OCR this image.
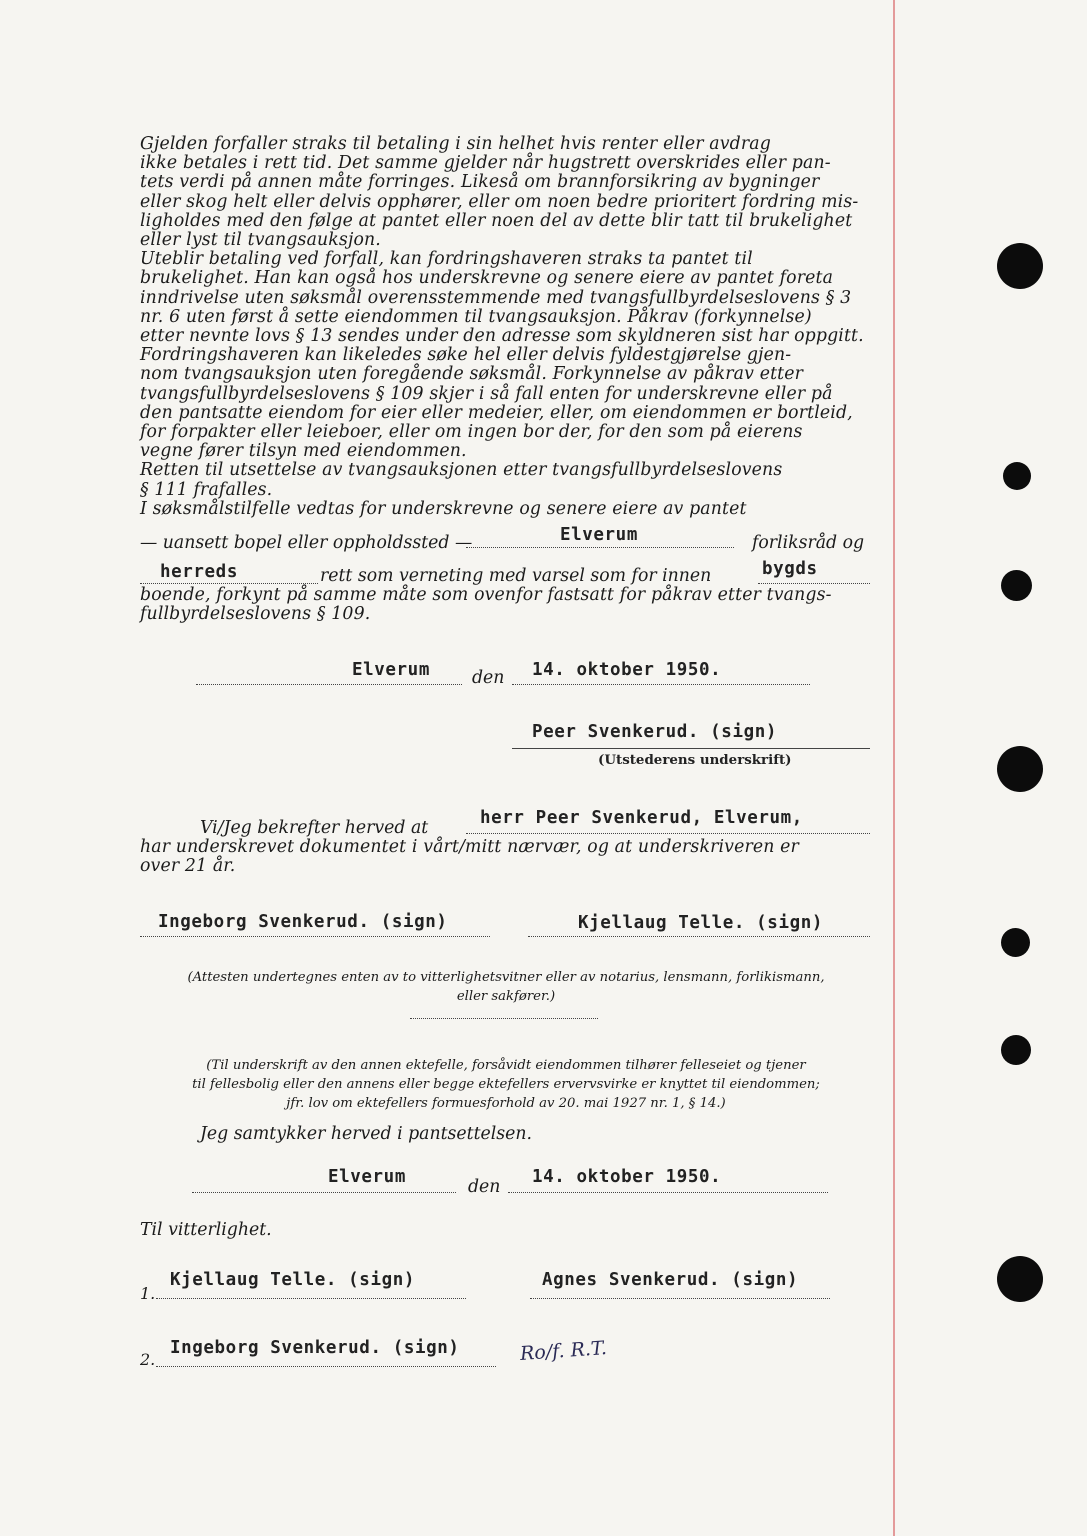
Gjelden forfaller straks til betaling i sin helhet hvis renter eller avdrag
ikke betales i rett tid. Det samme gjelder når hugstrett overskrides eller pan-
tets verdi på annen måte forringes. Likeså om brannforsikring av bygninger
eller skog helt eller delvis opphører, eller om noen bedre prioritert fordring mis-
ligholdes med den følge at pantet eller noen del av dette blir tatt til brukelighet
eller lyst til tvangsauksjon.
Uteblir betaling ved forfall, kan fordringshaveren straks ta pantet til
brukelighet. Han kan også hos underskrevne og senere eiere av pantet foreta
inndrivelse uten søksmål overensstemmende med tvangsfullbyrdelseslovens § 3
nr. 6 uten først å sette eiendommen til tvangsauksjon. Påkrav (forkynnelse)
etter nevnte lovs § 13 sendes under den adresse som skyldneren sist har oppgitt.
Fordringshaveren kan likeledes søke hel eller delvis fyldestgjørelse gjen-
nom tvangsauksjon uten foregående søksmål. Forkynnelse av påkrav etter
tvangsfullbyrdelseslovens § 109 skjer i så fall enten for underskrevne eller på
den pantsatte eiendom for eier eller medeier, eller, om eiendommen er bortleid,
for forpakter eller leieboer, eller om ingen bor der, for den som på eierens
vegne fører tilsyn med eiendommen.
Retten til utsettelse av tvangsauksjonen etter tvangsfullbyrdelseslovens
§ 111 frafalles.
I søksmålstilfelle vedtas for underskrevne og senere eiere av pantet

— uansett bopel eller oppholdssted —	Elverum	forliksråd og
herreds	rett som verneting med varsel som for innen	bygds

boende, forkynt på samme måte som ovenfor fastsatt for påkrav etter tvangs-
fullbyrdelseslovens § 109.

Elverum den 14. oktober 1950.
Peer Svenkerud. (sign)
(Utstederens underskrift)
Vi/Jeg bekrefter herved at	herr Peer Svenkerud, Elverum,

har underskrevet dokumentet i vårt/mitt nærvær, og at underskriveren er
over 21 år.

Ingeborg Svenkerud. (sign)	Kjellaug Telle. (sign)

(Attesten undertegnes enten av to vitterlighetsvitner eller av notarius, lensmann, forlikismann,
eller sakfører.)

(Til underskrift av den annen ektefelle, forsåvidt eiendommen tilhører felleseiet og tjener
til fellesbolig eller den annens eller begge ektefellers ervervsvirke er knyttet til eiendommen;
jfr. lov om ektefellers formuesforhold av 20. mai 1927 nr. 1, § 14.)

Jeg samtykker herved i pantsettelsen.
Elverum	den 14. oktober 1950.
Til vitterlighet.
1.
Kjellaug Telle. (sign)	Agnes Svenkerud. (sign)
2.
Ingeborg Svenkerud. (sign)	Ro/f. R.T.
